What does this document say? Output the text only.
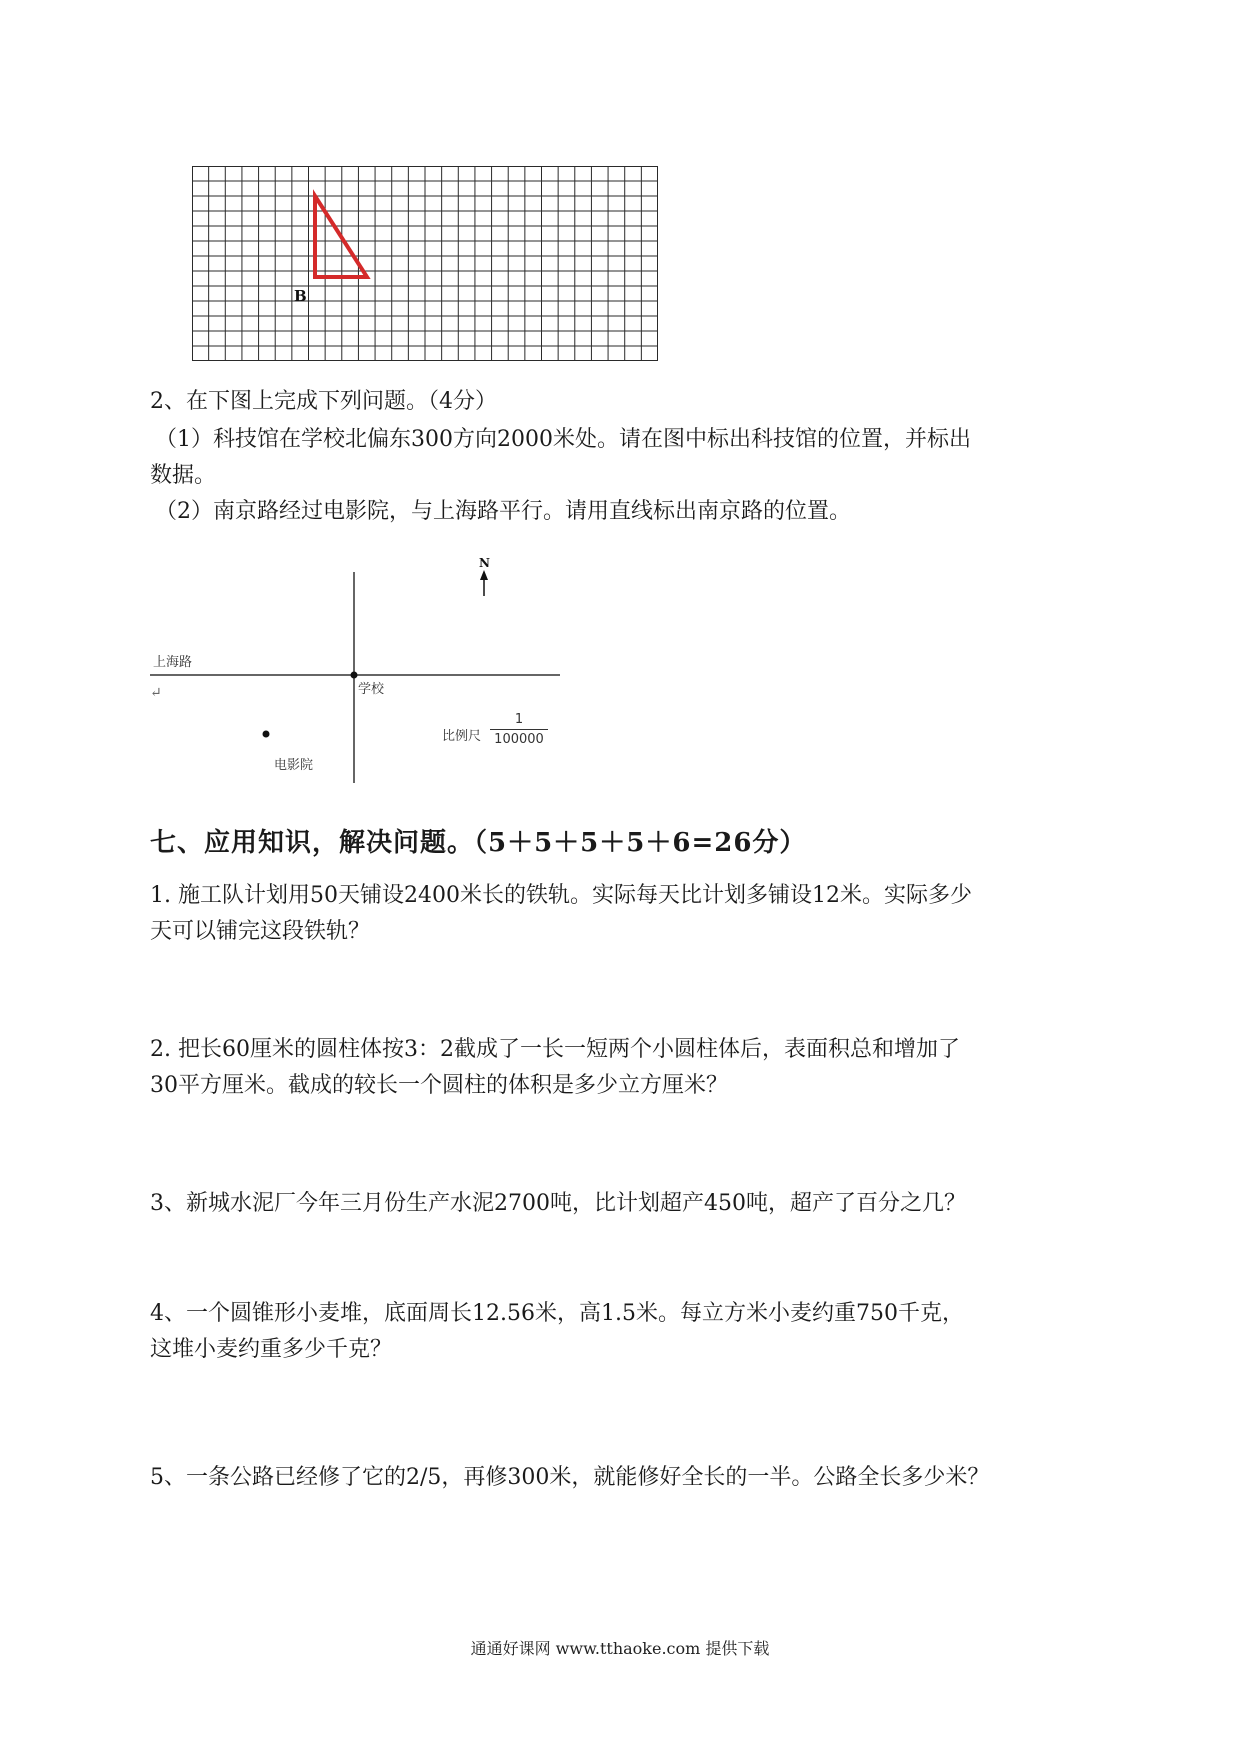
B
2、在下图上完成下列问题。（4分）
（1）科技馆在学校北偏东300方向2000米处。请在图中标出科技馆的位置，并标出
数据。
（2）南京路经过电影院，与上海路平行。请用直线标出南京路的位置。
N
上海路
学校
电影院
比例尺
1
100000
↵
七、应用知识，解决问题。（5＋5＋5＋5＋6=26分）
1. 施工队计划用50天铺设2400米长的铁轨。实际每天比计划多铺设12米。实际多少
天可以铺完这段铁轨？
2. 把长60厘米的圆柱体按3：2截成了一长一短两个小圆柱体后，表面积总和增加了
30平方厘米。截成的较长一个圆柱的体积是多少立方厘米？
3、新城水泥厂今年三月份生产水泥2700吨，比计划超产450吨，超产了百分之几？
4、一个圆锥形小麦堆，底面周长12.56米，高1.5米。每立方米小麦约重750千克，
这堆小麦约重多少千克？
5、一条公路已经修了它的2/5，再修300米，就能修好全长的一半。公路全长多少米？
通通好课网 www.tthaoke.com 提供下载
